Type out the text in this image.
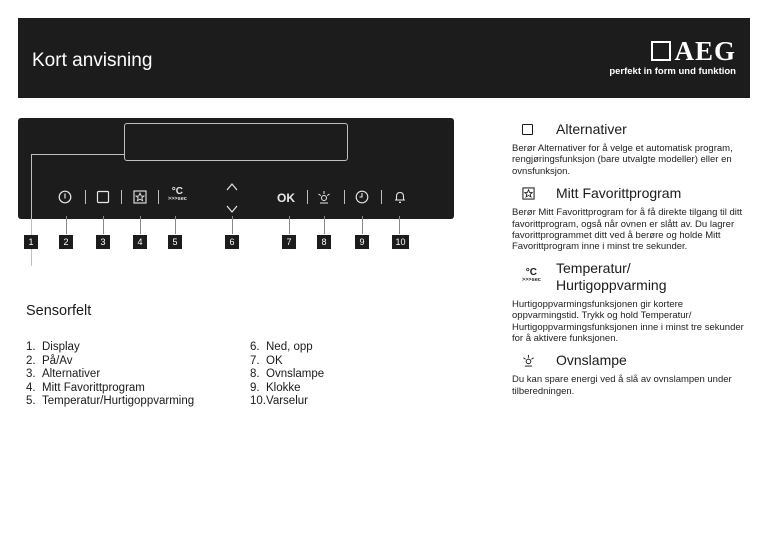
Kort anvisning	AEG
perfekt in form und funktion
°C
>>>sec	OK
1	2	3	4	5	6	7	8	9	10
Sensorfelt
1. Display
2. På/Av
3. Alternativer
4. Mitt Favorittprogram
5. Temperatur/Hurtigoppvarming
6. Ned, opp
7. OK
8. Ovnslampe
9. Klokke
10.Varselur
Alternativer

Berør Alternativer for å velge et automatisk program, rengjøringsfunksjon (bare utvalgte modeller) eller en ovnsfunksjon.

Mitt Favorittprogram

Berør Mitt Favorittprogram for å få direkte tilgang til ditt favorittprogram, også når ovnen er slått av. Du lagrer favorittprogrammet ditt ved å berøre og holde Mitt Favorittprogram inne i minst tre sekunder.

°C
>>>sec
Temperatur/
Hurtigoppvarming

Hurtigoppvarmingsfunksjonen gir kortere oppvarmingstid. Trykk og hold Temperatur/ Hurtigoppvarmingsfunksjonen inne i minst tre sekunder for å aktivere funksjonen.

Ovnslampe

Du kan spare energi ved å slå av ovnslampen under tilberedningen.
